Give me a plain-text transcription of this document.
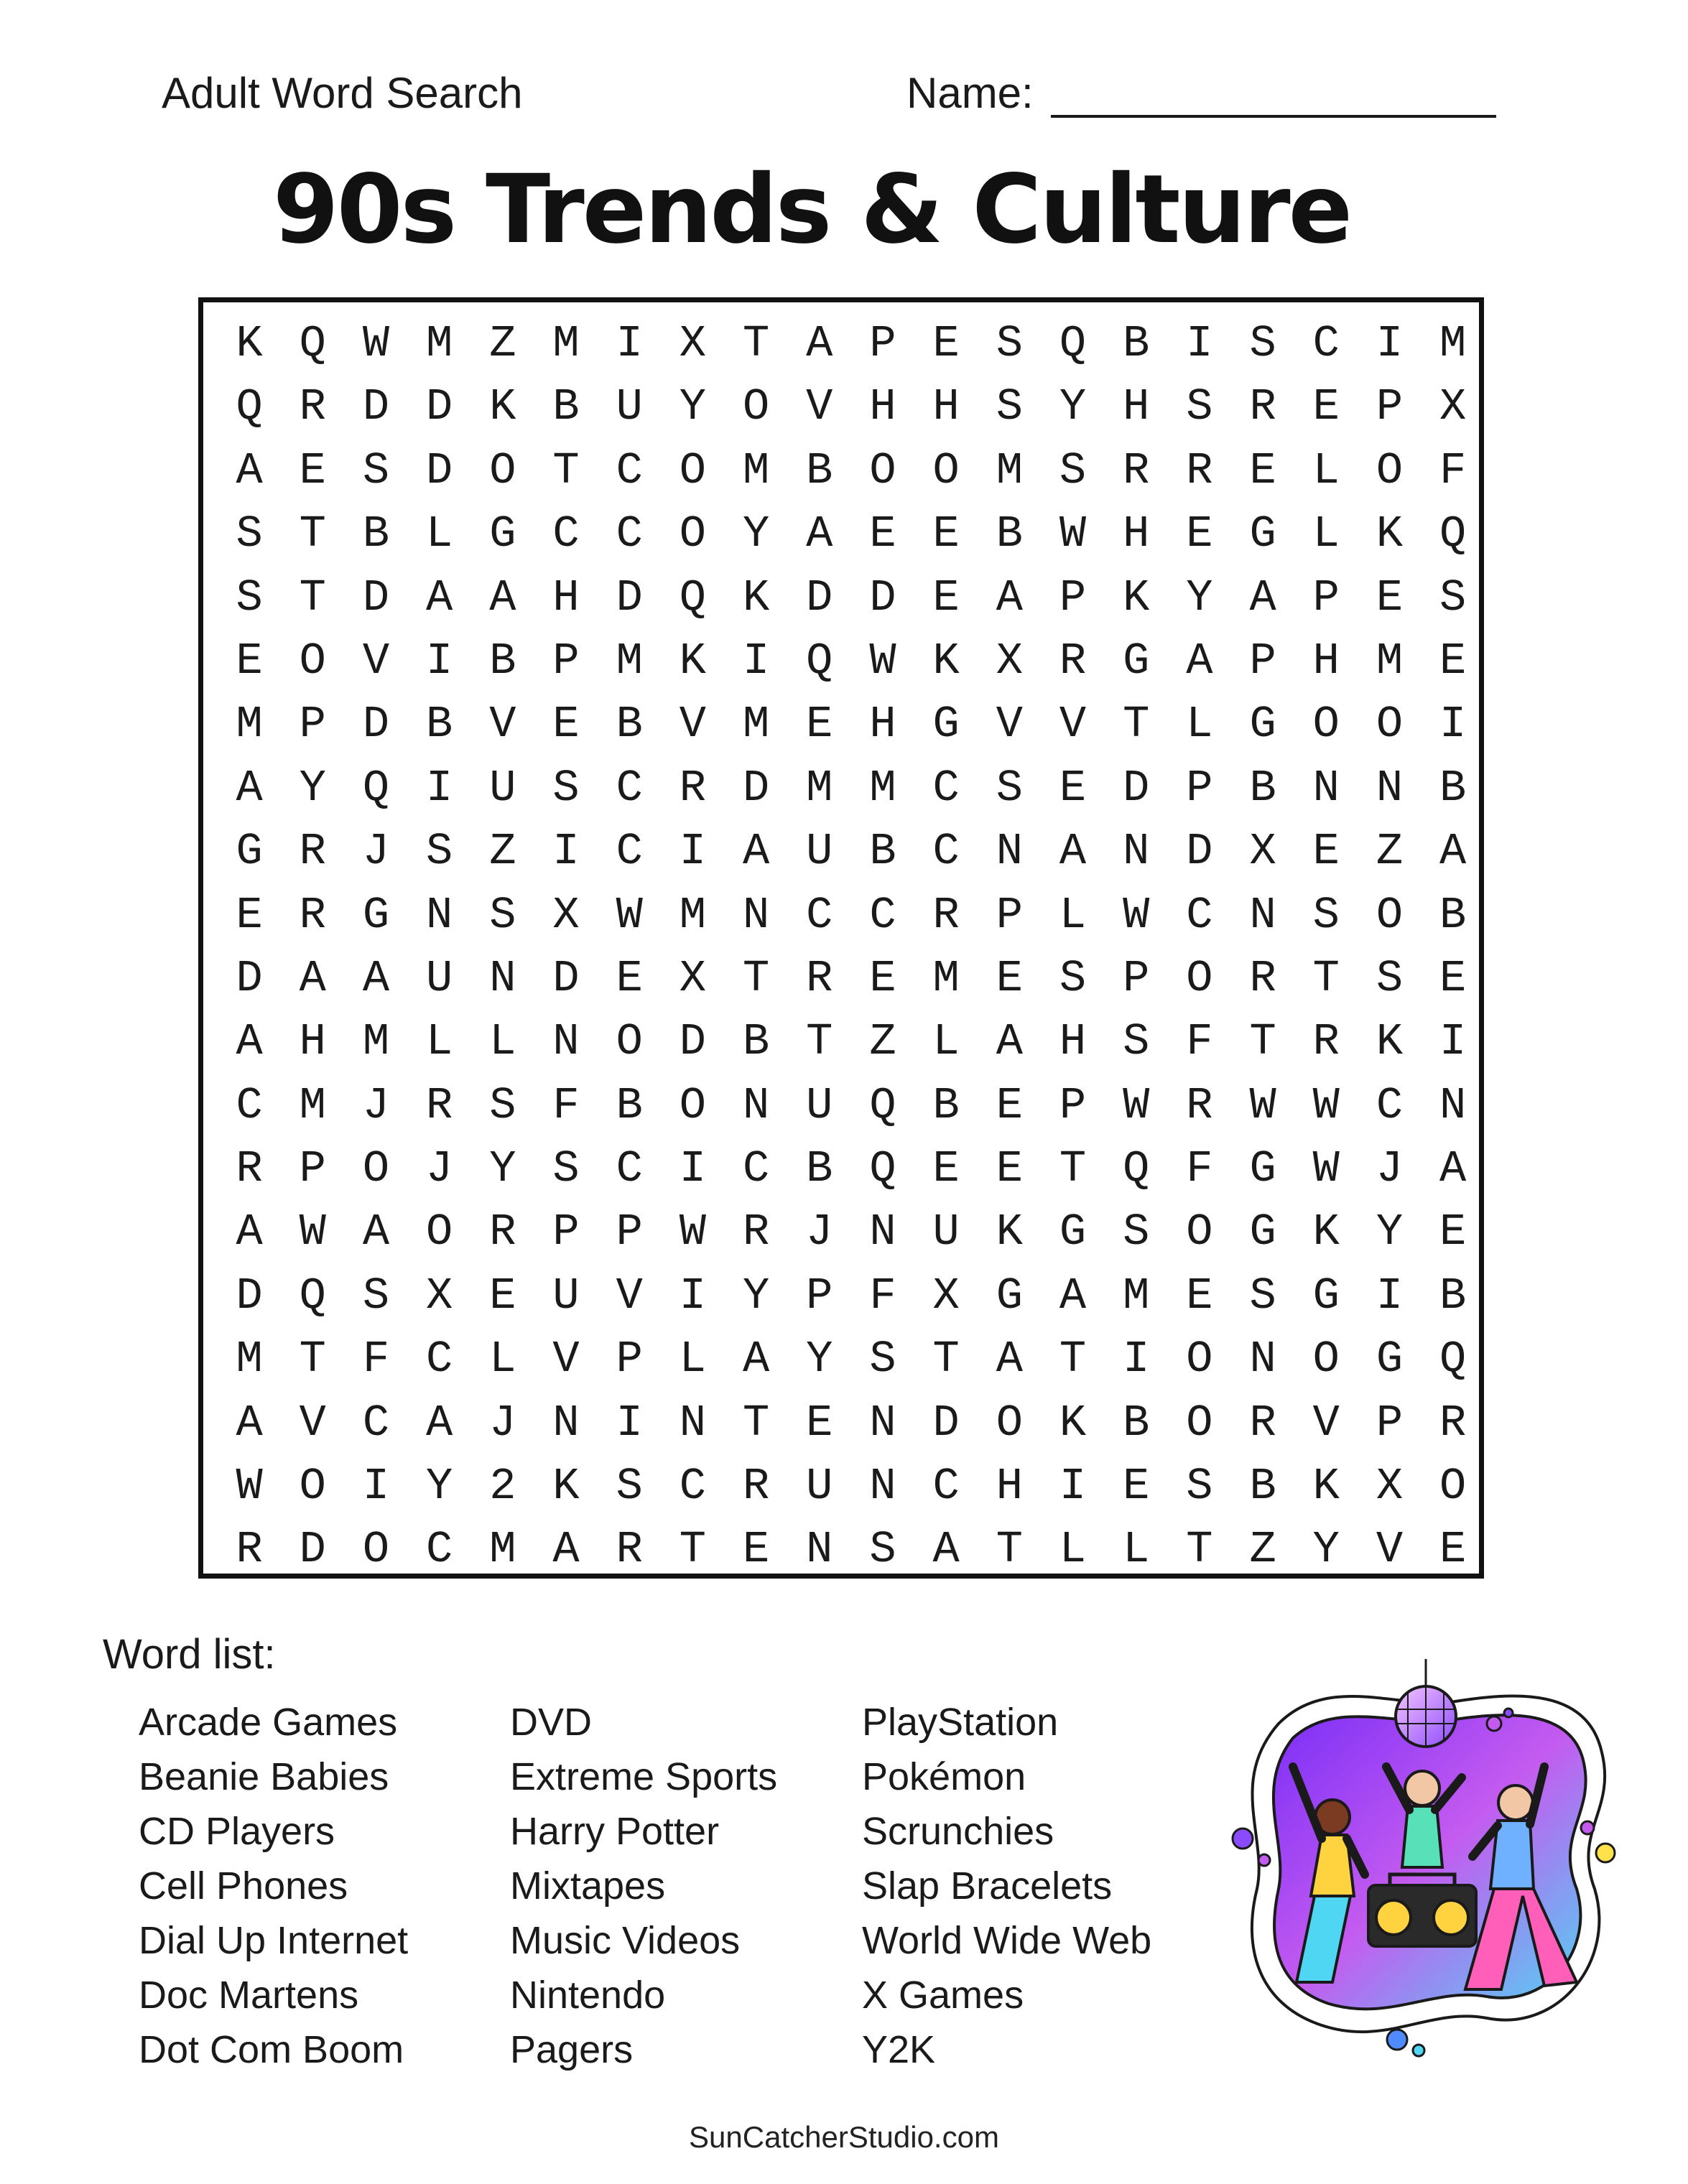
Adult Word Search	Name:
90s Trends & Culture
K Q W M Z M I X T A P E S Q B I S C I M
Q R D D K B U Y O V H H S Y H S R E P X
A E S D O T C O M B O O M S R R E L O F
S T B L G C C O Y A E E B W H E G L K Q
S T D A A H D Q K D D E A P K Y A P E S
E O V I B P M K I Q W K X R G A P H M E
M P D B V E B V M E H G V V T L G O O I
A Y Q I U S C R D M M C S E D P B N N B
G R J S Z I C I A U B C N A N D X E Z A
E R G N S X W M N C C R P L W C N S O B
D A A U N D E X T R E M E S P O R T S E
A H M L L N O D B T Z L A H S F T R K I
C M J R S F B O N U Q B E P W R W W C N
R P O J Y S C I C B Q E E T Q F G W J A
A W A O R P P W R J N U K G S O G K Y E
D Q S X E U V I Y P F X G A M E S G I B
M T F C L V P L A Y S T A T I O N O G Q
A V C A J N I N T E N D O K B O R V P R
W O I Y 2 K S C R U N C H I E S B K X O
R D O C M A R T E N S A T L L T Z Y V E
Word list:
Arcade Games
Beanie Babies
CD Players
Cell Phones
Dial Up Internet
Doc Martens
Dot Com Boom
DVD
Extreme Sports
Harry Potter
Mixtapes
Music Videos
Nintendo
Pagers
PlayStation
Pokémon
Scrunchies
Slap Bracelets
World Wide Web
X Games
Y2K
SunCatcherStudio.com
